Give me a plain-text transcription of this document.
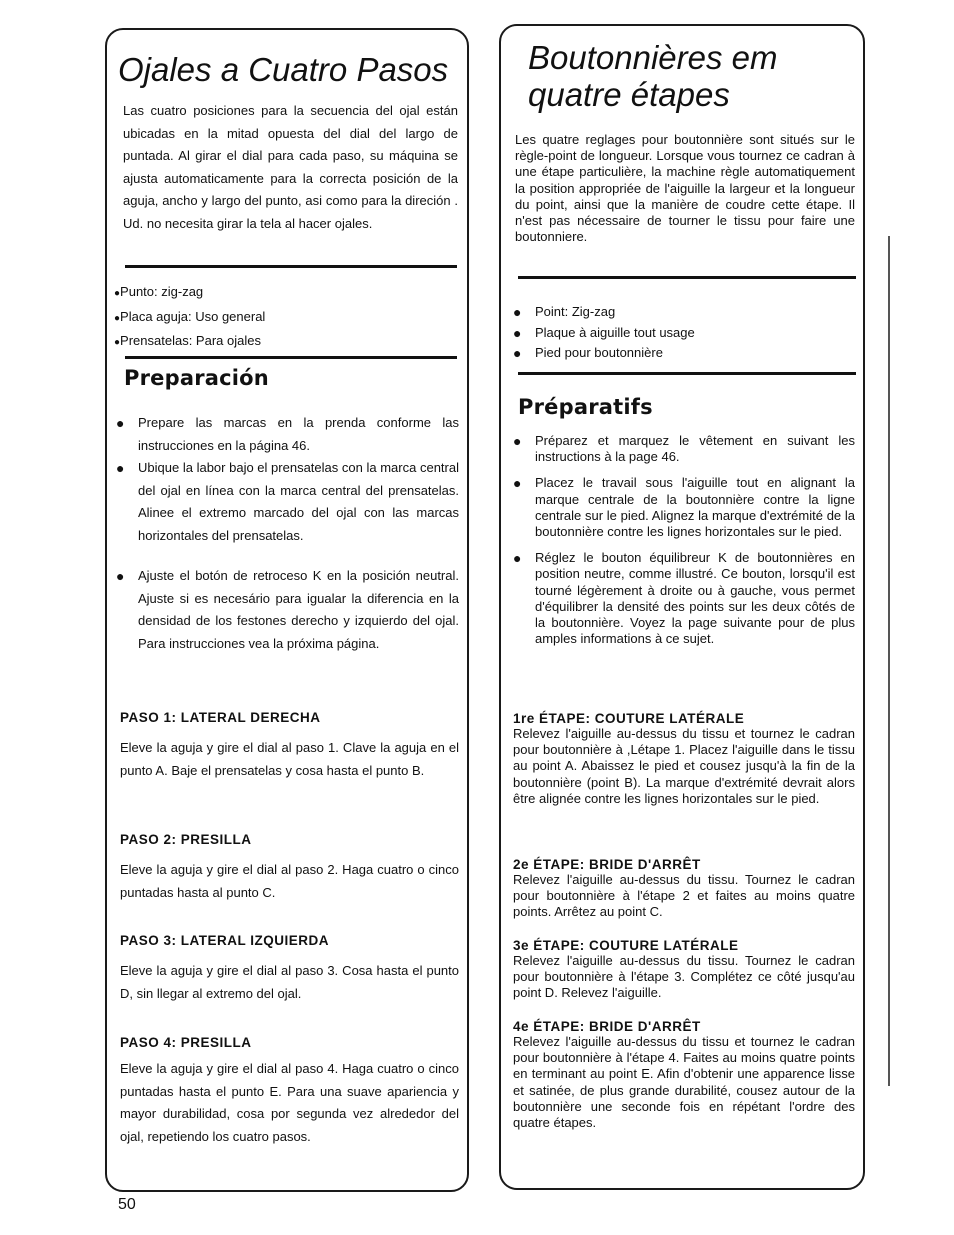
Ojales a Cuatro Pasos

Las cuatro posiciones para la secuencia del ojal están ubicadas en la mitad opuesta del dial del largo de puntada. Al girar el dial para cada paso, su máquina se ajusta automaticamente para la correcta posición de la aguja, ancho y largo del punto, asi como para la direción . Ud. no necesita girar la tela al hacer ojales.

●Punto: zig-zag
●Placa aguja: Uso general
●Prensatelas: Para ojales
Preparación
● Prepare las marcas en la prenda conforme las instrucciones en la página 46.
● Ubique la labor bajo el prensatelas con la marca central del ojal en línea con la marca central del prensatelas. Alinee el extremo marcado del ojal con las marcas horizontales del prensatelas.
● Ajuste el botón de retroceso K en la posición neutral. Ajuste si es necesário para igualar la diferencia en la densidad de los festones derecho y izquierdo del ojal. Para instrucciones vea la próxima página.

PASO 1: LATERAL DERECHA

Eleve la aguja y gire el dial al paso 1. Clave la aguja en el punto A. Baje el prensatelas y cosa hasta el punto B.

PASO 2: PRESILLA

Eleve la aguja y gire el dial al paso 2. Haga cuatro o cinco puntadas hasta al punto C.

PASO 3: LATERAL IZQUIERDA

Eleve la aguja y gire el dial al paso 3. Cosa hasta el punto D, sin llegar al extremo del ojal.

PASO 4: PRESILLA

Eleve la aguja y gire el dial al paso 4. Haga cuatro o cinco puntadas hasta el punto E. Para una suave apariencia y mayor durabilidad, cosa por segunda vez alrededor del ojal, repetiendo los cuatro pasos.

Boutonnières em quatre étapes

Les quatre reglages pour boutonnière sont situés sur le règle-point de longueur. Lorsque vous tournez ce cadran à une étape particulière, la machine règle automatiquement la position appropriée de l'aiguille la largeur et la longueur du point, ainsi que la manière de coudre cette étape. Il n'est pas nécessaire de tourner le tissu pour faire une boutonniere.

● Point: Zig-zag
● Plaque à aiguille tout usage
● Pied pour boutonnière
Préparatifs
● Préparez et marquez le vêtement en suivant les instructions à la page 46.
● Placez le travail sous l'aiguille tout en alignant la marque centrale de la boutonnière contre la ligne centrale sur le pied. Alignez la marque d'extrémité de la boutonnière contre les lignes horizontales sur le pied.
● Réglez le bouton équilibreur K de boutonnières en position neutre, comme illustré. Ce bouton, lorsqu'il est tourné légèrement à droite ou à gauche, vous permet d'équilibrer la densité des points sur les deux côtés de la boutonnière. Voyez la page suivante pour de plus amples informations à ce sujet.

1re ÉTAPE: COUTURE LATÉRALE

Relevez l'aiguille au-dessus du tissu et tournez le cadran pour boutonnière à ,Létape 1. Placez l'aiguille dans le tissu au point A. Abaissez le pied et cousez jusqu'à la fin de la boutonnière (point B). La marque d'extrémité devrait alors être alignée contre les lignes horizontales sur le pied.

2e ÉTAPE: BRIDE D'ARRÊT

Relevez l'aiguille au-dessus du tissu. Tournez le cadran pour boutonnière à l'étape 2 et faites au moins quatre points. Arrêtez au point C.

3e ÉTAPE: COUTURE LATÉRALE

Relevez l'aiguille au-dessus du tissu. Tournez le cadran pour boutonnière à l'étape 3. Complétez ce côté jusqu'au point D. Relevez l'aiguille.

4e ÉTAPE: BRIDE D'ARRÊT

Relevez l'aiguille au-dessus du tissu et tournez le cadran pour boutonnière à l'étape 4. Faites au moins quatre points en terminant au point E. Afin d'obtenir une apparence lisse et satinée, de plus grande durabilité, cousez autour de la boutonnière une seconde fois en répétant l'ordre des quatre étapes.

50
